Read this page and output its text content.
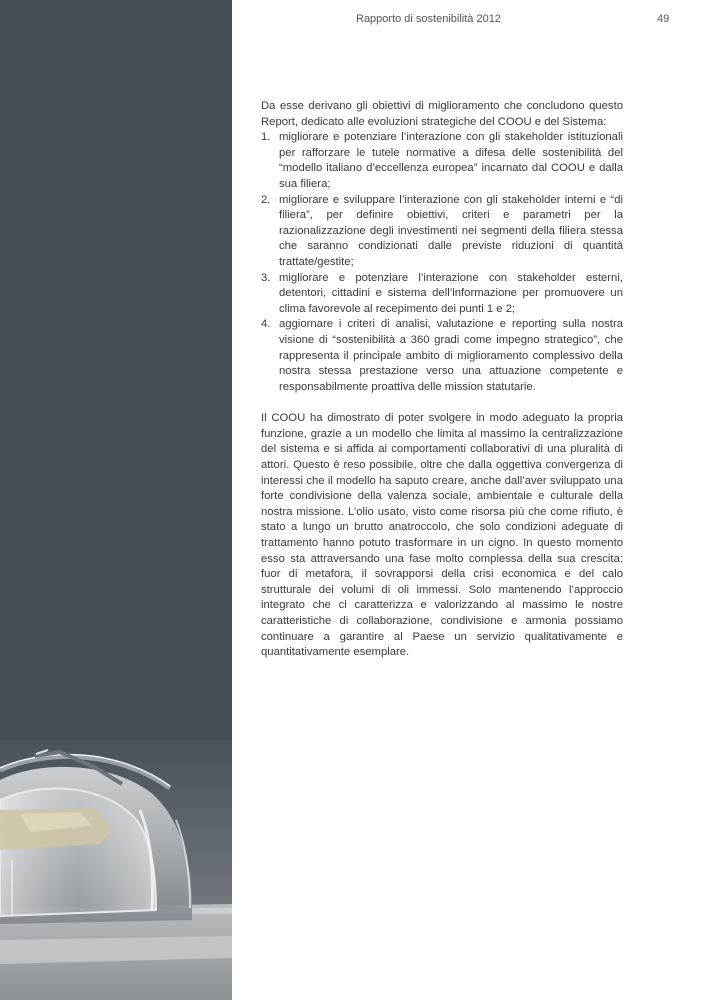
Rapporto di sostenibilità 2012	49

Da esse derivano gli obiettivi di miglioramento che concludono questo Report, dedicato alle evoluzioni strategiche del COOU e del Sistema:

1. migliorare e potenziare l’interazione con gli stakeholder istituzionali per rafforzare le tutele normative a difesa delle sostenibilità del “modello italiano d’eccellenza europea” incarnato dal COOU e dalla sua filiera;
2. migliorare e sviluppare l’interazione con gli stakeholder interni e “di filiera”, per definire obiettivi, criteri e parametri per la razionalizzazione degli investimenti nei segmenti della filiera stessa che saranno condizionati dalle previste riduzioni di quantità trattate/gestite;
3. migliorare e potenziare l’interazione con stakeholder esterni, detentori, cittadini e sistema dell’informazione per promuovere un clima favorevole al recepimento dei punti 1 e 2;
4. aggiornare i criteri di analisi, valutazione e reporting sulla nostra visione di “sostenibilità a 360 gradi come impegno strategico”, che rappresenta il principale ambito di miglioramento complessivo della nostra stessa prestazione verso una attuazione competente e responsabilmente proattiva delle mission statutarie.

Il COOU ha dimostrato di poter svolgere in modo adeguato la propria funzione, grazie a un modello che limita al massimo la centralizzazione del sistema e si affida ai comportamenti collaborativi di una pluralità di attori. Questo è reso possibile, oltre che dalla oggettiva convergenza di interessi che il modello ha saputo creare, anche dall’aver sviluppato una forte condivisione della valenza sociale, ambientale e culturale della nostra missione. L’olio usato, visto come risorsa più che come rifiuto, è stato a lungo un brutto anatroccolo, che solo condizioni adeguate di trattamento hanno potuto trasformare in un cigno. In questo momento esso sta attraversando una fase molto complessa della sua crescita: fuor di metafora, il sovrapporsi della crisi economica e del calo strutturale dei volumi di oli immessi. Solo mantenendo l’approccio integrato che ci caratterizza e valorizzando al massimo le nostre caratteristiche di collaborazione, condivisione e armonia possiamo continuare a garantire al Paese un servizio qualitativamente e quantitativamente esemplare.
